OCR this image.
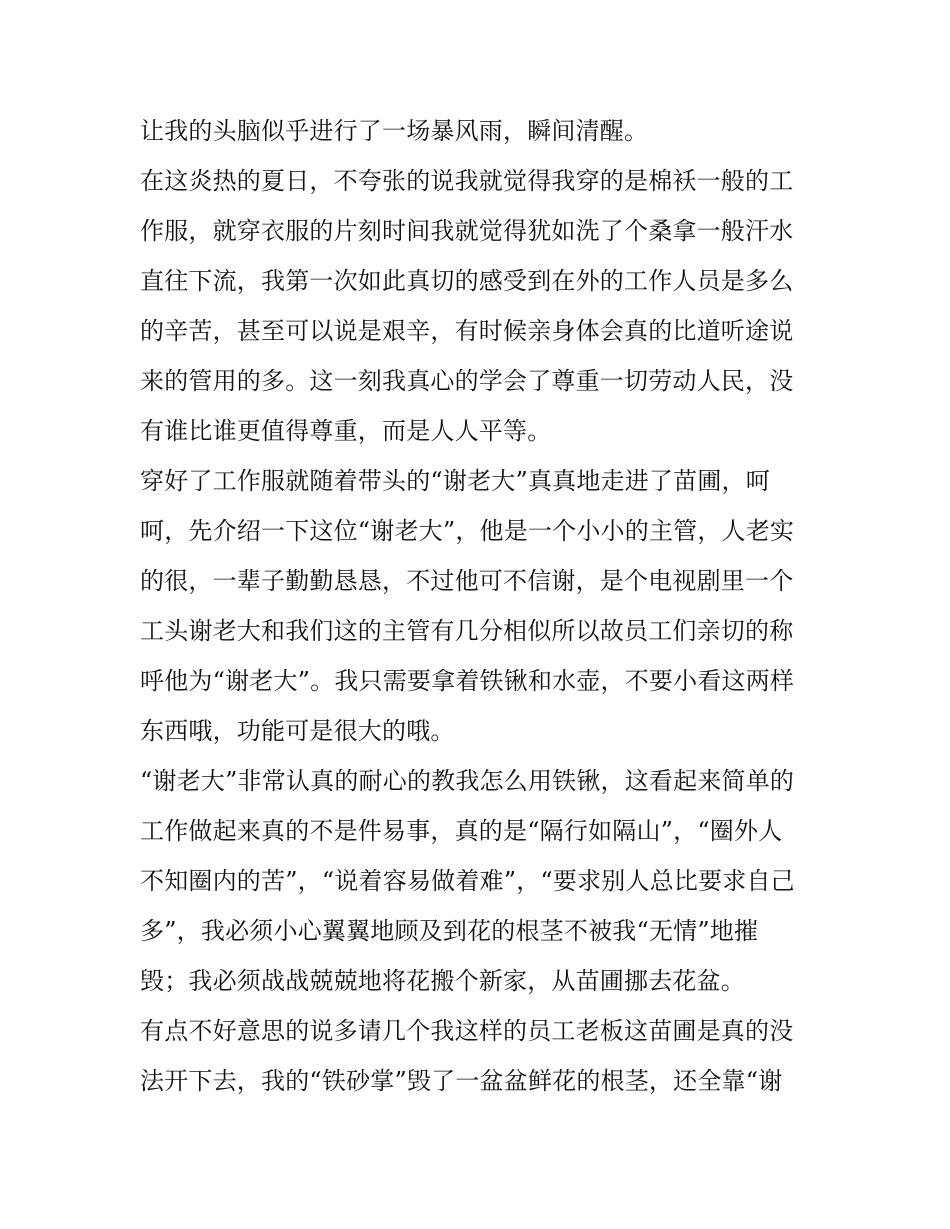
让我的头脑似乎进行了一场暴风雨，瞬间清醒。
在这炎热的夏日，不夸张的说我就觉得我穿的是棉袄一般的工
作服，就穿衣服的片刻时间我就觉得犹如洗了个桑拿一般汗水
直往下流，我第一次如此真切的感受到在外的工作人员是多么
的辛苦，甚至可以说是艰辛，有时候亲身体会真的比道听途说
来的管用的多。这一刻我真心的学会了尊重一切劳动人民，没
有谁比谁更值得尊重，而是人人平等。
穿好了工作服就随着带头的“谢老大”真真地走进了苗圃，呵
呵，先介绍一下这位“谢老大”，他是一个小小的主管，人老实
的很，一辈子勤勤恳恳，不过他可不信谢，是个电视剧里一个
工头谢老大和我们这的主管有几分相似所以故员工们亲切的称
呼他为“谢老大”。我只需要拿着铁锹和水壶，不要小看这两样
东西哦，功能可是很大的哦。
“谢老大”非常认真的耐心的教我怎么用铁锹，这看起来简单的
工作做起来真的不是件易事，真的是“隔行如隔山”，“圈外人
不知圈内的苦”，“说着容易做着难”，“要求别人总比要求自己
多”，我必须小心翼翼地顾及到花的根茎不被我“无情”地摧
毁；我必须战战兢兢地将花搬个新家，从苗圃挪去花盆。
有点不好意思的说多请几个我这样的员工老板这苗圃是真的没
法开下去，我的“铁砂掌”毁了一盆盆鲜花的根茎，还全靠“谢
